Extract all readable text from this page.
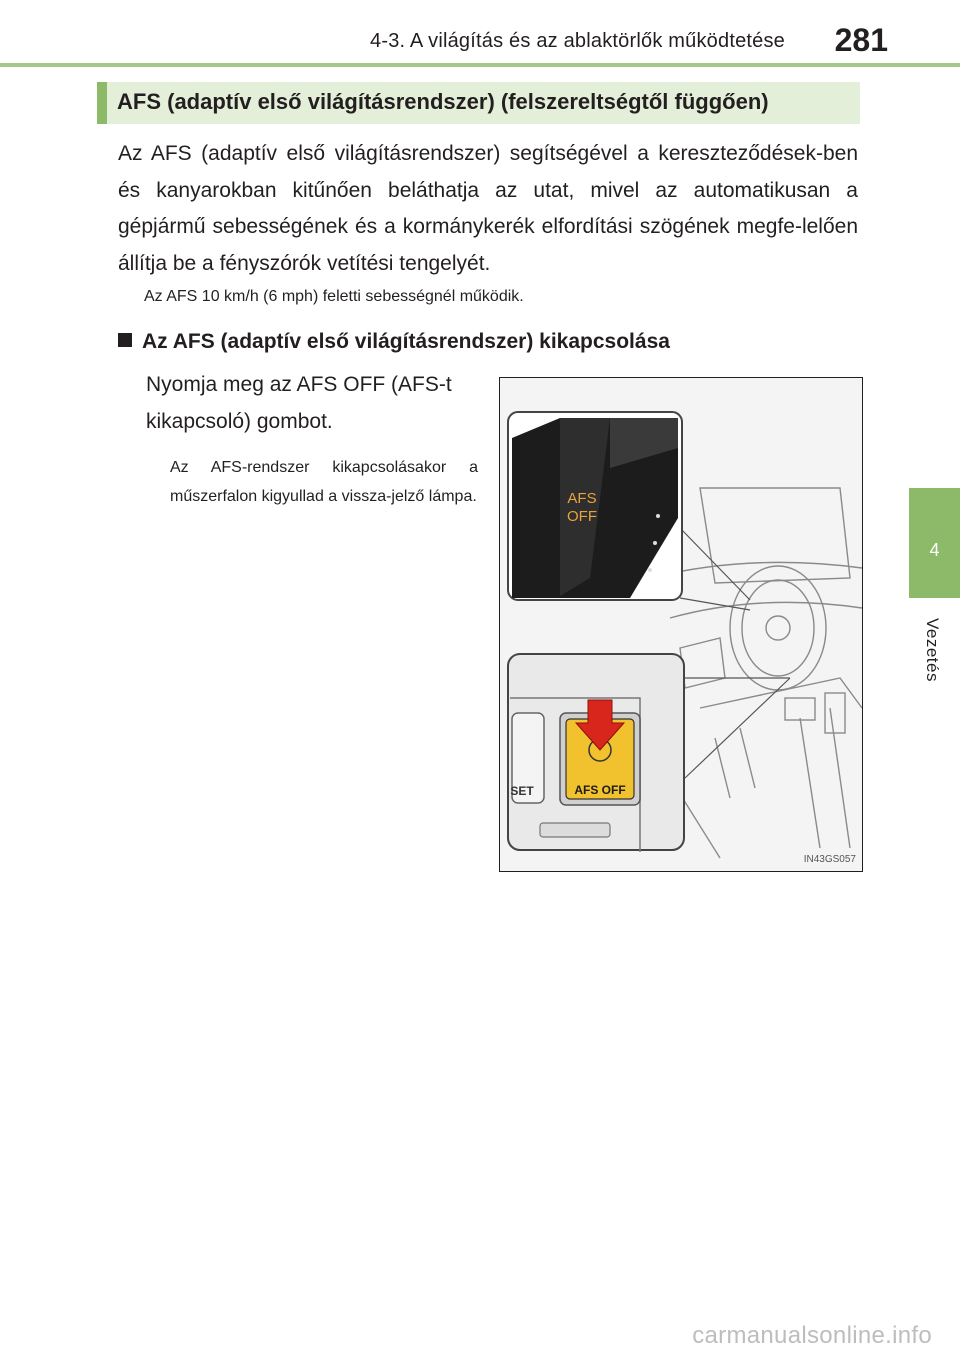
4-3. A világítás és az ablaktörlők működtetése 281
4
Vezetés
AFS (adaptív első világításrendszer) (felszereltségtől függően)
Az AFS (adaptív első világításrendszer) segítségével a kereszteződések-ben és kanyarokban kitűnően beláthatja az utat, mivel az automatikusan a gépjármű sebességének és a kormánykerék elfordítási szögének megfe-lelően állítja be a fényszórók vetítési tengelyét.
Az AFS 10 km/h (6 mph) feletti sebességnél működik.
Az AFS (adaptív első világításrendszer) kikapcsolása
Nyomja meg az AFS OFF (AFS-t kikapcsoló) gombot.
Az AFS-rendszer kikapcsolásakor a műszerfalon kigyullad a vissza-jelző lámpa.	AFS
OFF
AFS OFF
SET
IN43GS057
carmanualsonline.info
